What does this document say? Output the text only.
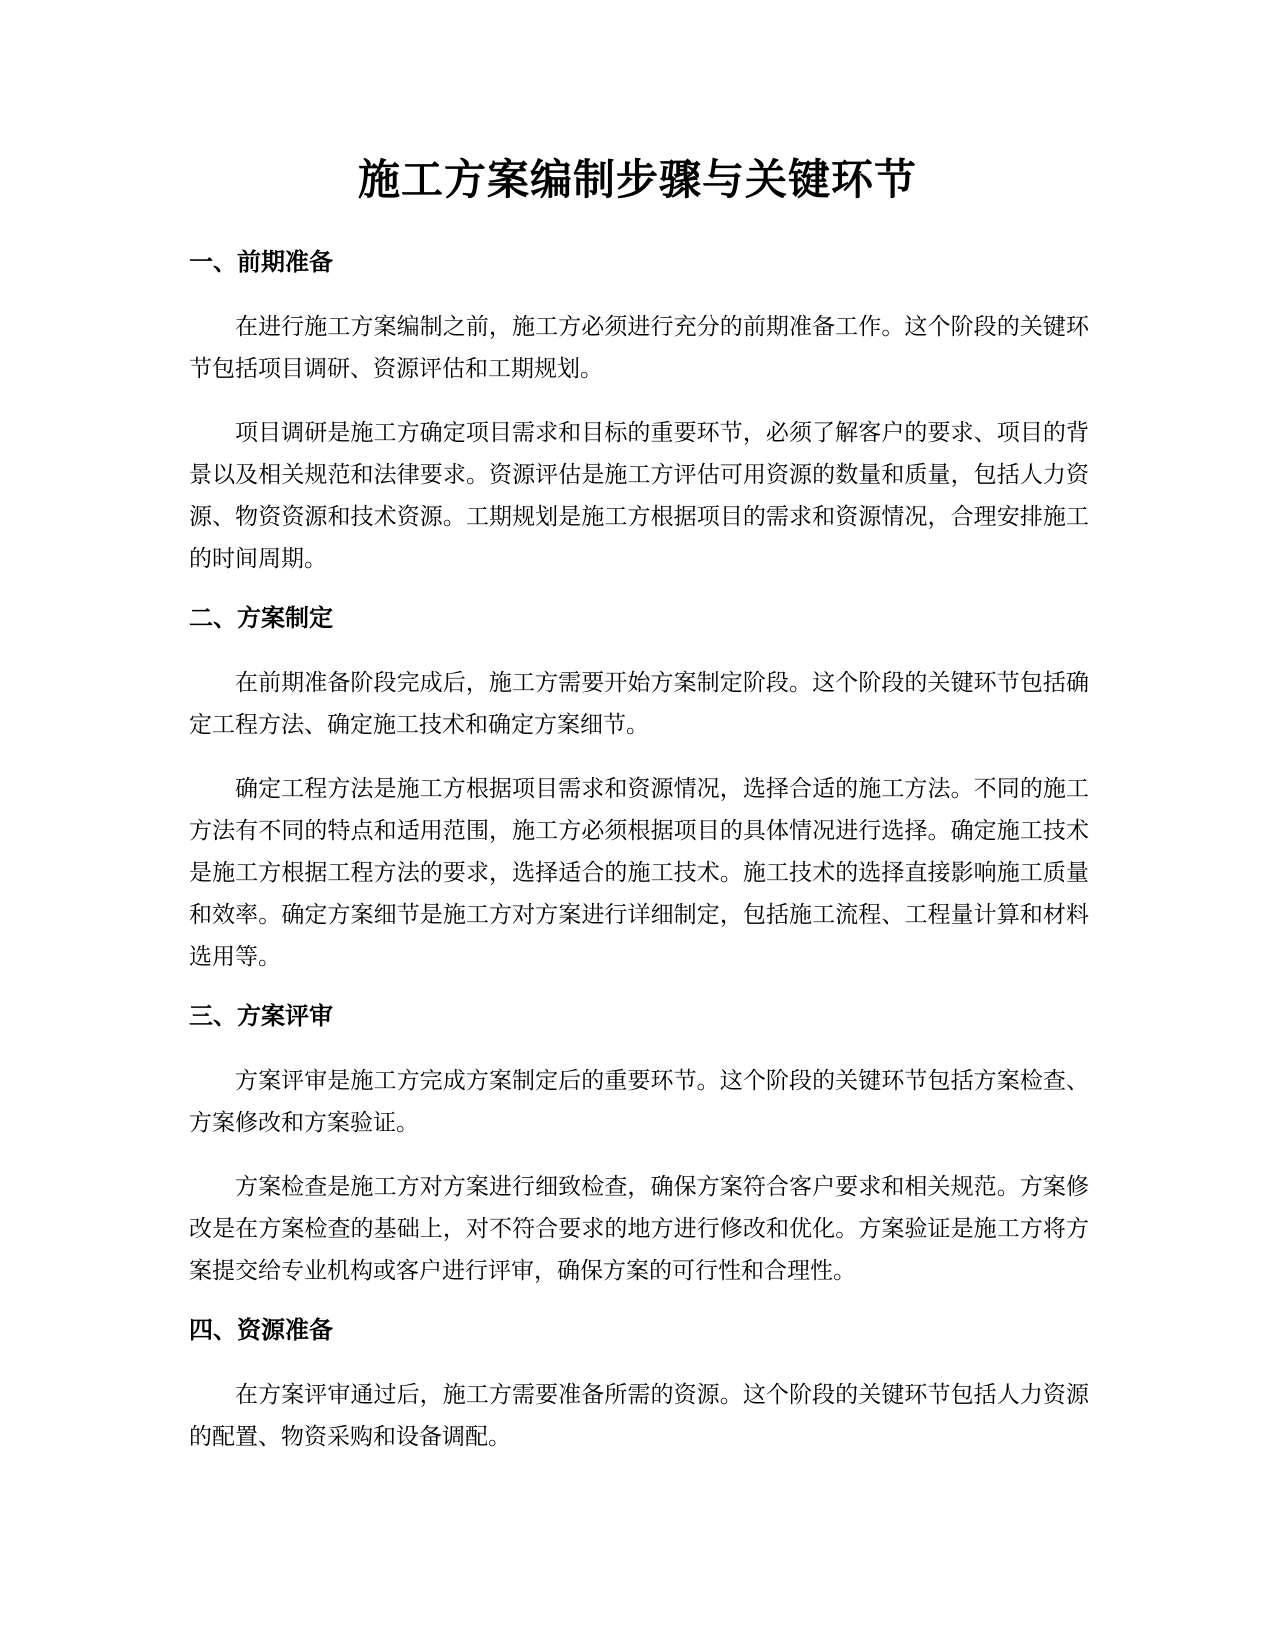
施工方案编制步骤与关键环节
一、前期准备

在进行施工方案编制之前，施工方必须进行充分的前期准备工作。这个阶段的关键环节包括项目调研、资源评估和工期规划。

项目调研是施工方确定项目需求和目标的重要环节，必须了解客户的要求、项目的背景以及相关规范和法律要求。资源评估是施工方评估可用资源的数量和质量，包括人力资源、物资资源和技术资源。工期规划是施工方根据项目的需求和资源情况，合理安排施工的时间周期。

二、方案制定

在前期准备阶段完成后，施工方需要开始方案制定阶段。这个阶段的关键环节包括确定工程方法、确定施工技术和确定方案细节。

确定工程方法是施工方根据项目需求和资源情况，选择合适的施工方法。不同的施工方法有不同的特点和适用范围，施工方必须根据项目的具体情况进行选择。确定施工技术是施工方根据工程方法的要求，选择适合的施工技术。施工技术的选择直接影响施工质量和效率。确定方案细节是施工方对方案进行详细制定，包括施工流程、工程量计算和材料选用等。

三、方案评审

方案评审是施工方完成方案制定后的重要环节。这个阶段的关键环节包括方案检查、方案修改和方案验证。

方案检查是施工方对方案进行细致检查，确保方案符合客户要求和相关规范。方案修改是在方案检查的基础上，对不符合要求的地方进行修改和优化。方案验证是施工方将方案提交给专业机构或客户进行评审，确保方案的可行性和合理性。

四、资源准备

在方案评审通过后，施工方需要准备所需的资源。这个阶段的关键环节包括人力资源的配置、物资采购和设备调配。
